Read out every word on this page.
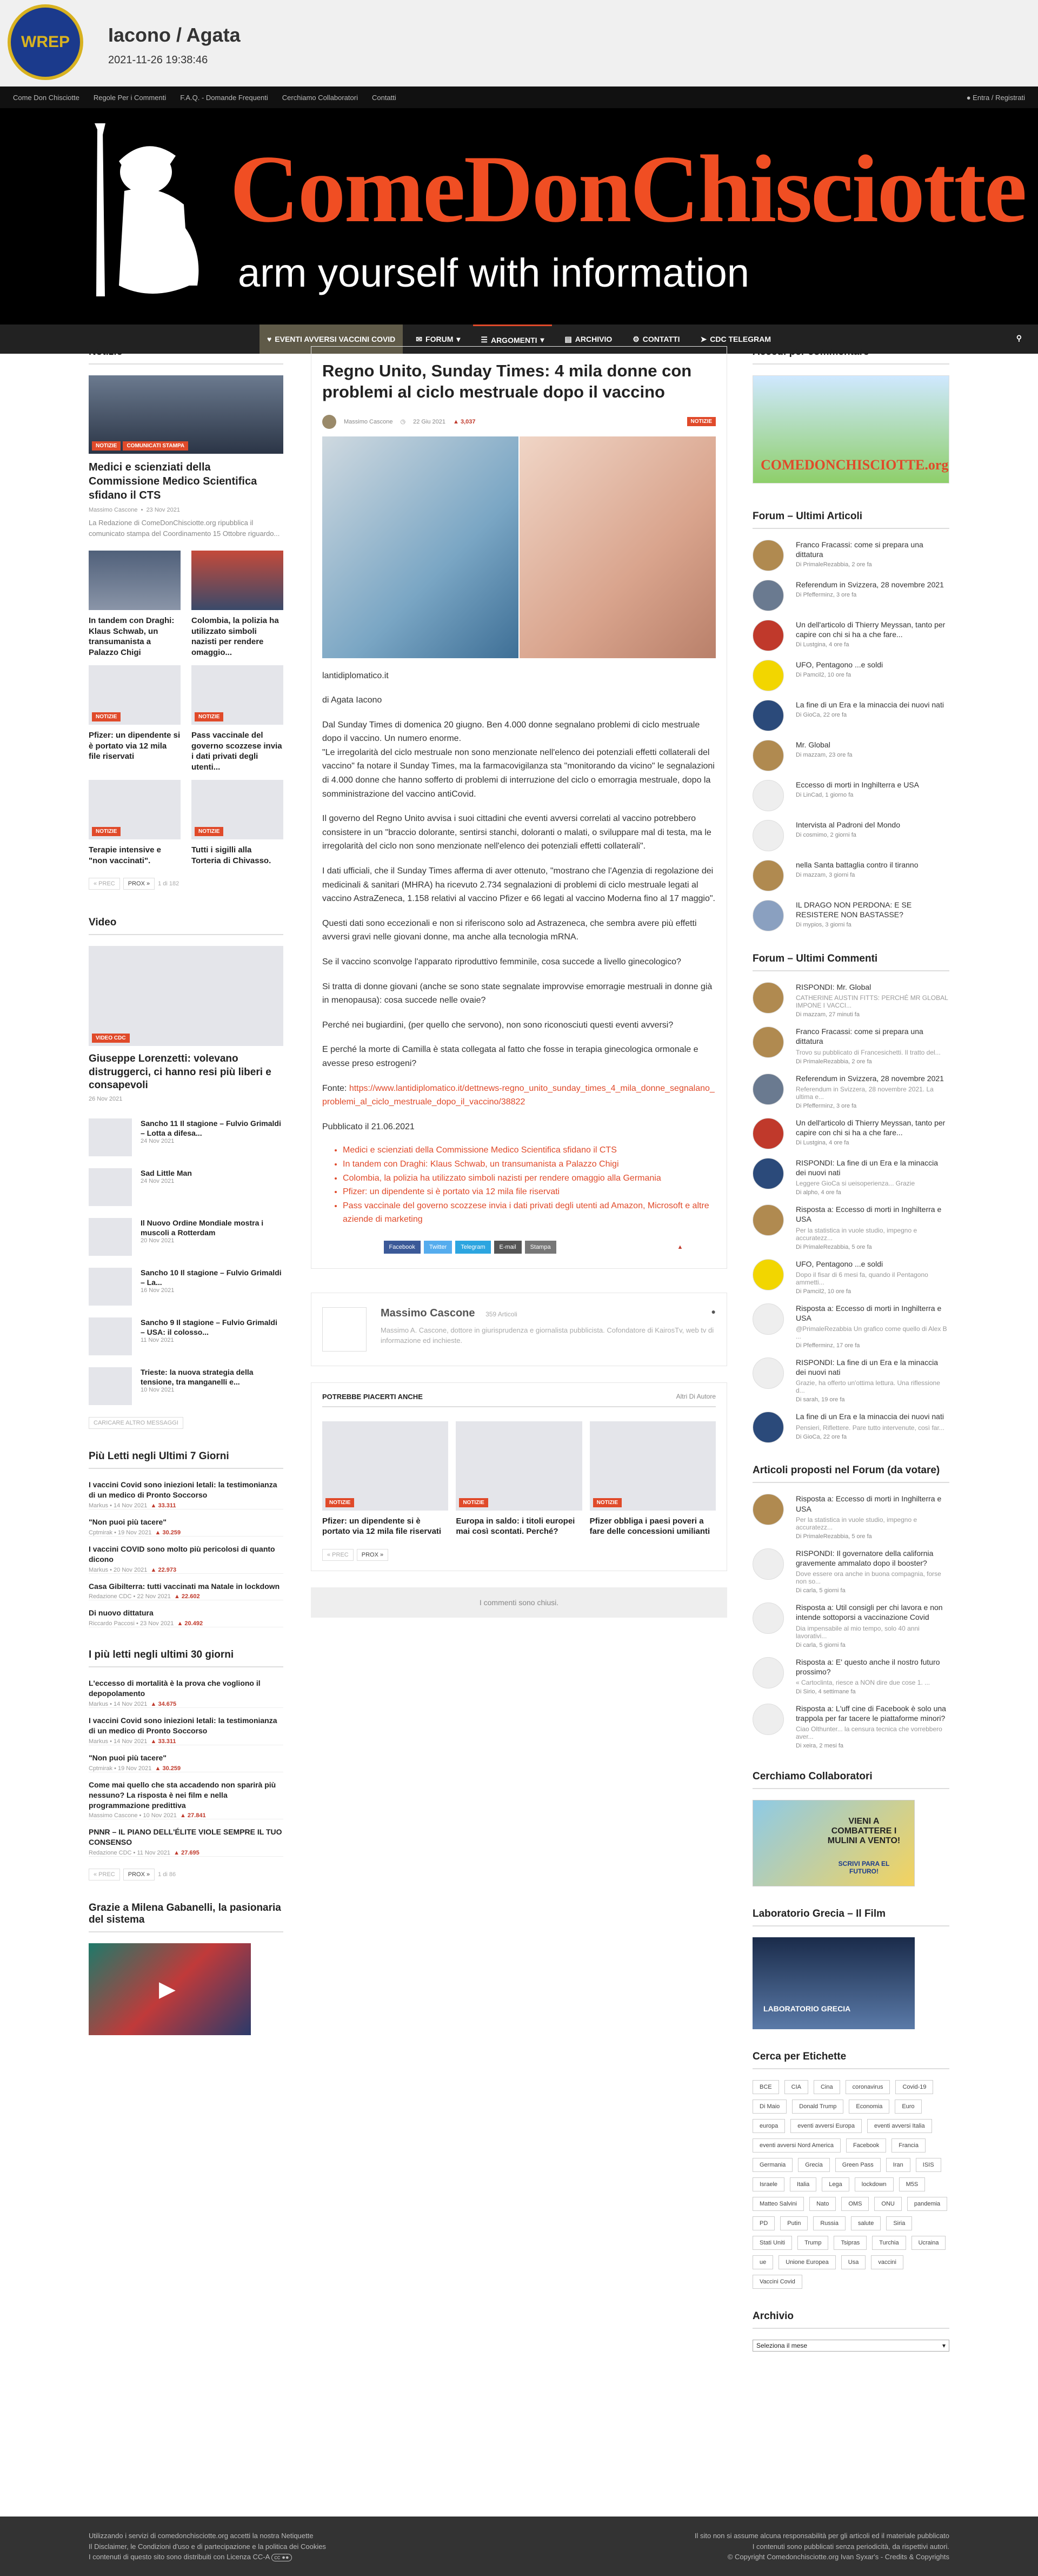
WREP	Iacono / Agata
2021-11-26 19:38:46
Come Don Chisciotte Regole Per i Commenti F.A.Q. - Domande Frequenti Cerchiamo Collaboratori Contatti	● Entra / Registrati
ComeDonChisciotte
arm yourself with information
♥ EVENTI AVVERSI VACCINI COVID	✉ FORUM ▾	☰ ARGOMENTI ▾	▤ ARCHIVIO	⚙ CONTATTI	➤ CDC TELEGRAM	⚲
Notizie
NOTIZIE	COMUNICATI STAMPA
Medici e scienziati della Commissione Medico Scientifica sfidano il CTS
Massimo Cascone  •  23 Nov 2021

La Redazione di ComeDonChisciotte.org ripubblica il comunicato stampa del Coordinamento 15 Ottobre riguardo...

In tandem con Draghi: Klaus Schwab, un transumanista a Palazzo Chigi
Colombia, la polizia ha utilizzato simboli nazisti per rendere omaggio...
NOTIZIE
Pfizer: un dipendente si è portato via 12 mila file riservati
NOTIZIE
Pass vaccinale del governo scozzese invia i dati privati degli utenti...
NOTIZIE
Terapie intensive e "non vaccinati".
NOTIZIE
Tutti i sigilli alla Torteria di Chivasso.
« PREC	PROX »	1 di 182
Video
VIDEO CDC
Giuseppe Lorenzetti: volevano distruggerci, ci hanno resi più liberi e consapevoli
26 Nov 2021
Sancho 11 Il stagione – Fulvio Grimaldi – Lotta a difesa...
24 Nov 2021
Sad Little Man
24 Nov 2021
Il Nuovo Ordine Mondiale mostra i muscoli a Rotterdam
20 Nov 2021
Sancho 10 Il stagione – Fulvio Grimaldi – La...
16 Nov 2021
Sancho 9 Il stagione – Fulvio Grimaldi – USA: il colosso...
11 Nov 2021
Trieste: la nuova strategia della tensione, tra manganelli e...
10 Nov 2021
CARICARE ALTRO MESSAGGI
Più Letti negli Ultimi 7 Giorni
I vaccini Covid sono iniezioni letali: la testimonianza di un medico di Pronto Soccorso
Markus • 14 Nov 2021 ▲ 33.311
"Non puoi più tacere"
Cptmirak • 19 Nov 2021 ▲ 30.259
I vaccini COVID sono molto più pericolosi di quanto dicono
Markus • 20 Nov 2021 ▲ 22.973
Casa Gibilterra: tutti vaccinati ma Natale in lockdown
Redazione CDC • 22 Nov 2021 ▲ 22.602
Di nuovo dittatura
Riccardo Paccosi • 23 Nov 2021 ▲ 20.492
I più letti negli ultimi 30 giorni
L'eccesso di mortalità è la prova che vogliono il depopolamento
Markus • 14 Nov 2021 ▲ 34.675
I vaccini Covid sono iniezioni letali: la testimonianza di un medico di Pronto Soccorso
Markus • 14 Nov 2021 ▲ 33.311
"Non puoi più tacere"
Cptmirak • 19 Nov 2021 ▲ 30.259
Come mai quello che sta accadendo non sparirà più nessuno? La risposta è nei film e nella programmazione predittiva
Massimo Cascone • 10 Nov 2021 ▲ 27.841
PNNR – IL PIANO DELL'ÉLITE VIOLE SEMPRE IL TUO CONSENSO
Redazione CDC • 11 Nov 2021 ▲ 27.695
« PREC	PROX »	1 di 86
Grazie a Milena Gabanelli, la pasionaria del sistema
▶
Regno Unito, Sunday Times: 4 mila donne con problemi al ciclo mestruale dopo il vaccino
Massimo Cascone ◷ 22 Giu 2021 ▲ 3,037	NOTIZIE

lantidiplomatico.it

di Agata Iacono

Dal Sunday Times di domenica 20 giugno. Ben 4.000 donne segnalano problemi di ciclo mestruale dopo il vaccino. Un numero enorme.

"Le irregolarità del ciclo mestruale non sono menzionate nell'elenco dei potenziali effetti collaterali del vaccino" fa notare il Sunday Times, ma la farmacovigilanza sta "monitorando da vicino" le segnalazioni di 4.000 donne che hanno sofferto di problemi di interruzione del ciclo o emorragia mestruale, dopo la somministrazione del vaccino antiCovid.

Il governo del Regno Unito avvisa i suoi cittadini che eventi avversi correlati al vaccino potrebbero consistere in un "braccio dolorante, sentirsi stanchi, doloranti o malati, o sviluppare mal di testa, ma le irregolarità del ciclo non sono menzionate nell'elenco dei potenziali effetti collaterali".

I dati ufficiali, che il Sunday Times afferma di aver ottenuto, "mostrano che l'Agenzia di regolazione dei medicinali & sanitari (MHRA) ha ricevuto 2.734 segnalazioni di problemi di ciclo mestruale legati al vaccino AstraZeneca, 1.158 relativi al vaccino Pfizer e 66 legati al vaccino Moderna fino al 17 maggio".

Questi dati sono eccezionali e non si riferiscono solo ad Astrazeneca, che sembra avere più effetti avversi gravi nelle giovani donne, ma anche alla tecnologia mRNA.

Se il vaccino sconvolge l'apparato riproduttivo femminile, cosa succede a livello ginecologico?

Si tratta di donne giovani (anche se sono state segnalate improvvise emorragie mestruali in donne già in menopausa): cosa succede nelle ovaie?

Perché nei bugiardini, (per quello che servono), non sono riconosciuti questi eventi avversi?

E perché la morte di Camilla è stata collegata al fatto che fosse in terapia ginecologica ormonale e avesse preso estrogeni?

Fonte: https://www.lantidiplomatico.it/dettnews-regno_unito_sunday_times_4_mila_donne_segnalano_problemi_al_ciclo_mestruale_dopo_il_vaccino/38822

Pubblicato il 21.06.2021

• Medici e scienziati della Commissione Medico Scientifica sfidano il CTS
• In tandem con Draghi: Klaus Schwab, un transumanista a Palazzo Chigi
• Colombia, la polizia ha utilizzato simboli nazisti per rendere omaggio alla Germania
• Pfizer: un dipendente si è portato via 12 mila file riservati
• Pass vaccinale del governo scozzese invia i dati privati degli utenti ad Amazon, Microsoft e altre aziende di marketing
➦ Condividi	Facebook	Twitter	Telegram	E-mail	Stampa	▲ 3,037
Massimo Cascone 359 Articoli	●

Massimo A. Cascone, dottore in giurisprudenza e giornalista pubblicista. Cofondatore di KairosTv, web tv di informazione ed inchieste.

POTREBBE PIACERTI ANCHE	Altri Di Autore
NOTIZIE
Pfizer: un dipendente si è portato via 12 mila file riservati
NOTIZIE
Europa in saldo: i titoli europei mai così scontati. Perché?
NOTIZIE
Pfizer obbliga i paesi poveri a fare delle concessioni umilianti
« PREC	PROX »
I commenti sono chiusi.
Accedi per commentare
COMEDONCHISCIOTTE.org
Forum – Ultimi Articoli
Franco Fracassi: come si prepara una dittatura
Di PrimaleRezabbia, 2 ore fa
Referendum in Svizzera, 28 novembre 2021
Di Pfefferminz, 3 ore fa
Un dell'articolo di Thierry Meyssan, tanto per capire con chi si ha a che fare...
Di Lustgina, 4 ore fa
UFO, Pentagono ...e soldi
Di Pamcil2, 10 ore fa
La fine di un Era e la minaccia dei nuovi nati
Di GioCa, 22 ore fa
Mr. Global
Di mazzam, 23 ore fa
Eccesso di morti in Inghilterra e USA
Di LinCad, 1 giorno fa
Intervista al Padroni del Mondo
Di cosmimo, 2 giorni fa
nella Santa battaglia contro il tiranno
Di mazzam, 3 giorni fa
IL DRAGO NON PERDONA: E SE RESISTERE NON BASTASSE?
Di mypios, 3 giorni fa
Forum – Ultimi Commenti
RISPONDI: Mr. Global

CATHERINE AUSTIN FITTS: PERCHÉ MR GLOBAL IMPONE I VACCI...

Di mazzam, 27 minuti fa
Franco Fracassi: come si prepara una dittatura

Trovo su pubblicato di Francesichetti. Il tratto del...

Di PrimaleRezabbia, 2 ore fa
Referendum in Svizzera, 28 novembre 2021

Referendum in Svizzera, 28 novembre 2021. La ultima e...

Di Pfefferminz, 3 ore fa
Un dell'articolo di Thierry Meyssan, tanto per capire con chi si ha a che fare...

Di Lustgina, 4 ore fa
RISPONDI: La fine di un Era e la minaccia dei nuovi nati

Leggere GioCa si ueisoperienza... Grazie

Di alpho, 4 ore fa
Risposta a: Eccesso di morti in Inghilterra e USA

Per la statistica in vuole studio, impegno e accuratezz...

Di PrimaleRezabbia, 5 ore fa
UFO, Pentagono ...e soldi

Dopo il fisar di 6 mesi fa, quando il Pentagono ammetti...

Di Pamcil2, 10 ore fa
Risposta a: Eccesso di morti in Inghilterra e USA

@PrimaleRezabbia Un grafico come quello di Alex B ...

Di Pfefferminz, 17 ore fa
RISPONDI: La fine di un Era e la minaccia dei nuovi nati

Grazie, ha offerto un'ottima lettura. Una riflessione d...

Di sarah, 19 ore fa
La fine di un Era e la minaccia dei nuovi nati

Pensieri, Riflettere. Pare tutto intervenute, così far...

Di GioCa, 22 ore fa
Articoli proposti nel Forum (da votare)
Risposta a: Eccesso di morti in Inghilterra e USA

Per la statistica in vuole studio, impegno e accuratezz...

Di PrimaleRezabbia, 5 ore fa
RISPONDI: Il governatore della california gravemente ammalato dopo il booster?

Dove essere ora anche in buona compagnia, forse non so...

Di carla, 5 giorni fa
Risposta a: Util consigli per chi lavora e non intende sottoporsi a vaccinazione Covid

Dia impensabile al mio tempo, solo 40 anni lavorativi...

Di carla, 5 giorni fa
Risposta a: E' questo anche il nostro futuro prossimo?

« Cartoclinta, riesce a NON dire due cose 1. ...

Di Sirio, 4 settimane fa
Risposta a: L'uff cine di Facebook è solo una trappola per far tacere le piattaforme minori?

Ciao Olthunter... la censura tecnica che vorrebbero aver...

Di xeira, 2 mesi fa
Cerchiamo Collaboratori
VIENI A COMBATTERE I MULINI A VENTO!
SCRIVI PARA EL FUTURO!
Laboratorio Grecia – Il Film
LABORATORIO GRECIA
Cerca per Etichette
BCE	CIA	Cina	coronavirus	Covid-19
Di Maio	Donald Trump	Economia	Euro
europa	eventi avversi Europa	eventi avversi Italia
eventi avversi Nord America	Facebook	Francia
Germania	Grecia	Green Pass	Iran	ISIS
Israele	Italia	Lega	lockdown	M5S
Matteo Salvini	Nato	OMS	ONU	pandemia
PD	Putin	Russia	salute	Siria
Stati Uniti	Trump	Tsipras	Turchia	Ucraina
ue	Unione Europea	Usa	vaccini
Vaccini Covid
Archivio
Seleziona il mese	▾
Utilizzando i servizi di comedonchisciotte.org accetti la nostra Netiquette
Il Disclaimer, le Condizioni d'uso e di partecipazione e la politica dei Cookies
I contenuti di questo sito sono distribuiti con Licenza CC-A cc ●●
Il sito non si assume alcuna responsabilità per gli articoli ed il materiale pubblicato
I contenuti sono pubblicati senza periodicità, da rispettivi autori.
© Copyright Comedonchisciotte.org Ivan Syxar's - Credits & Copyrights
